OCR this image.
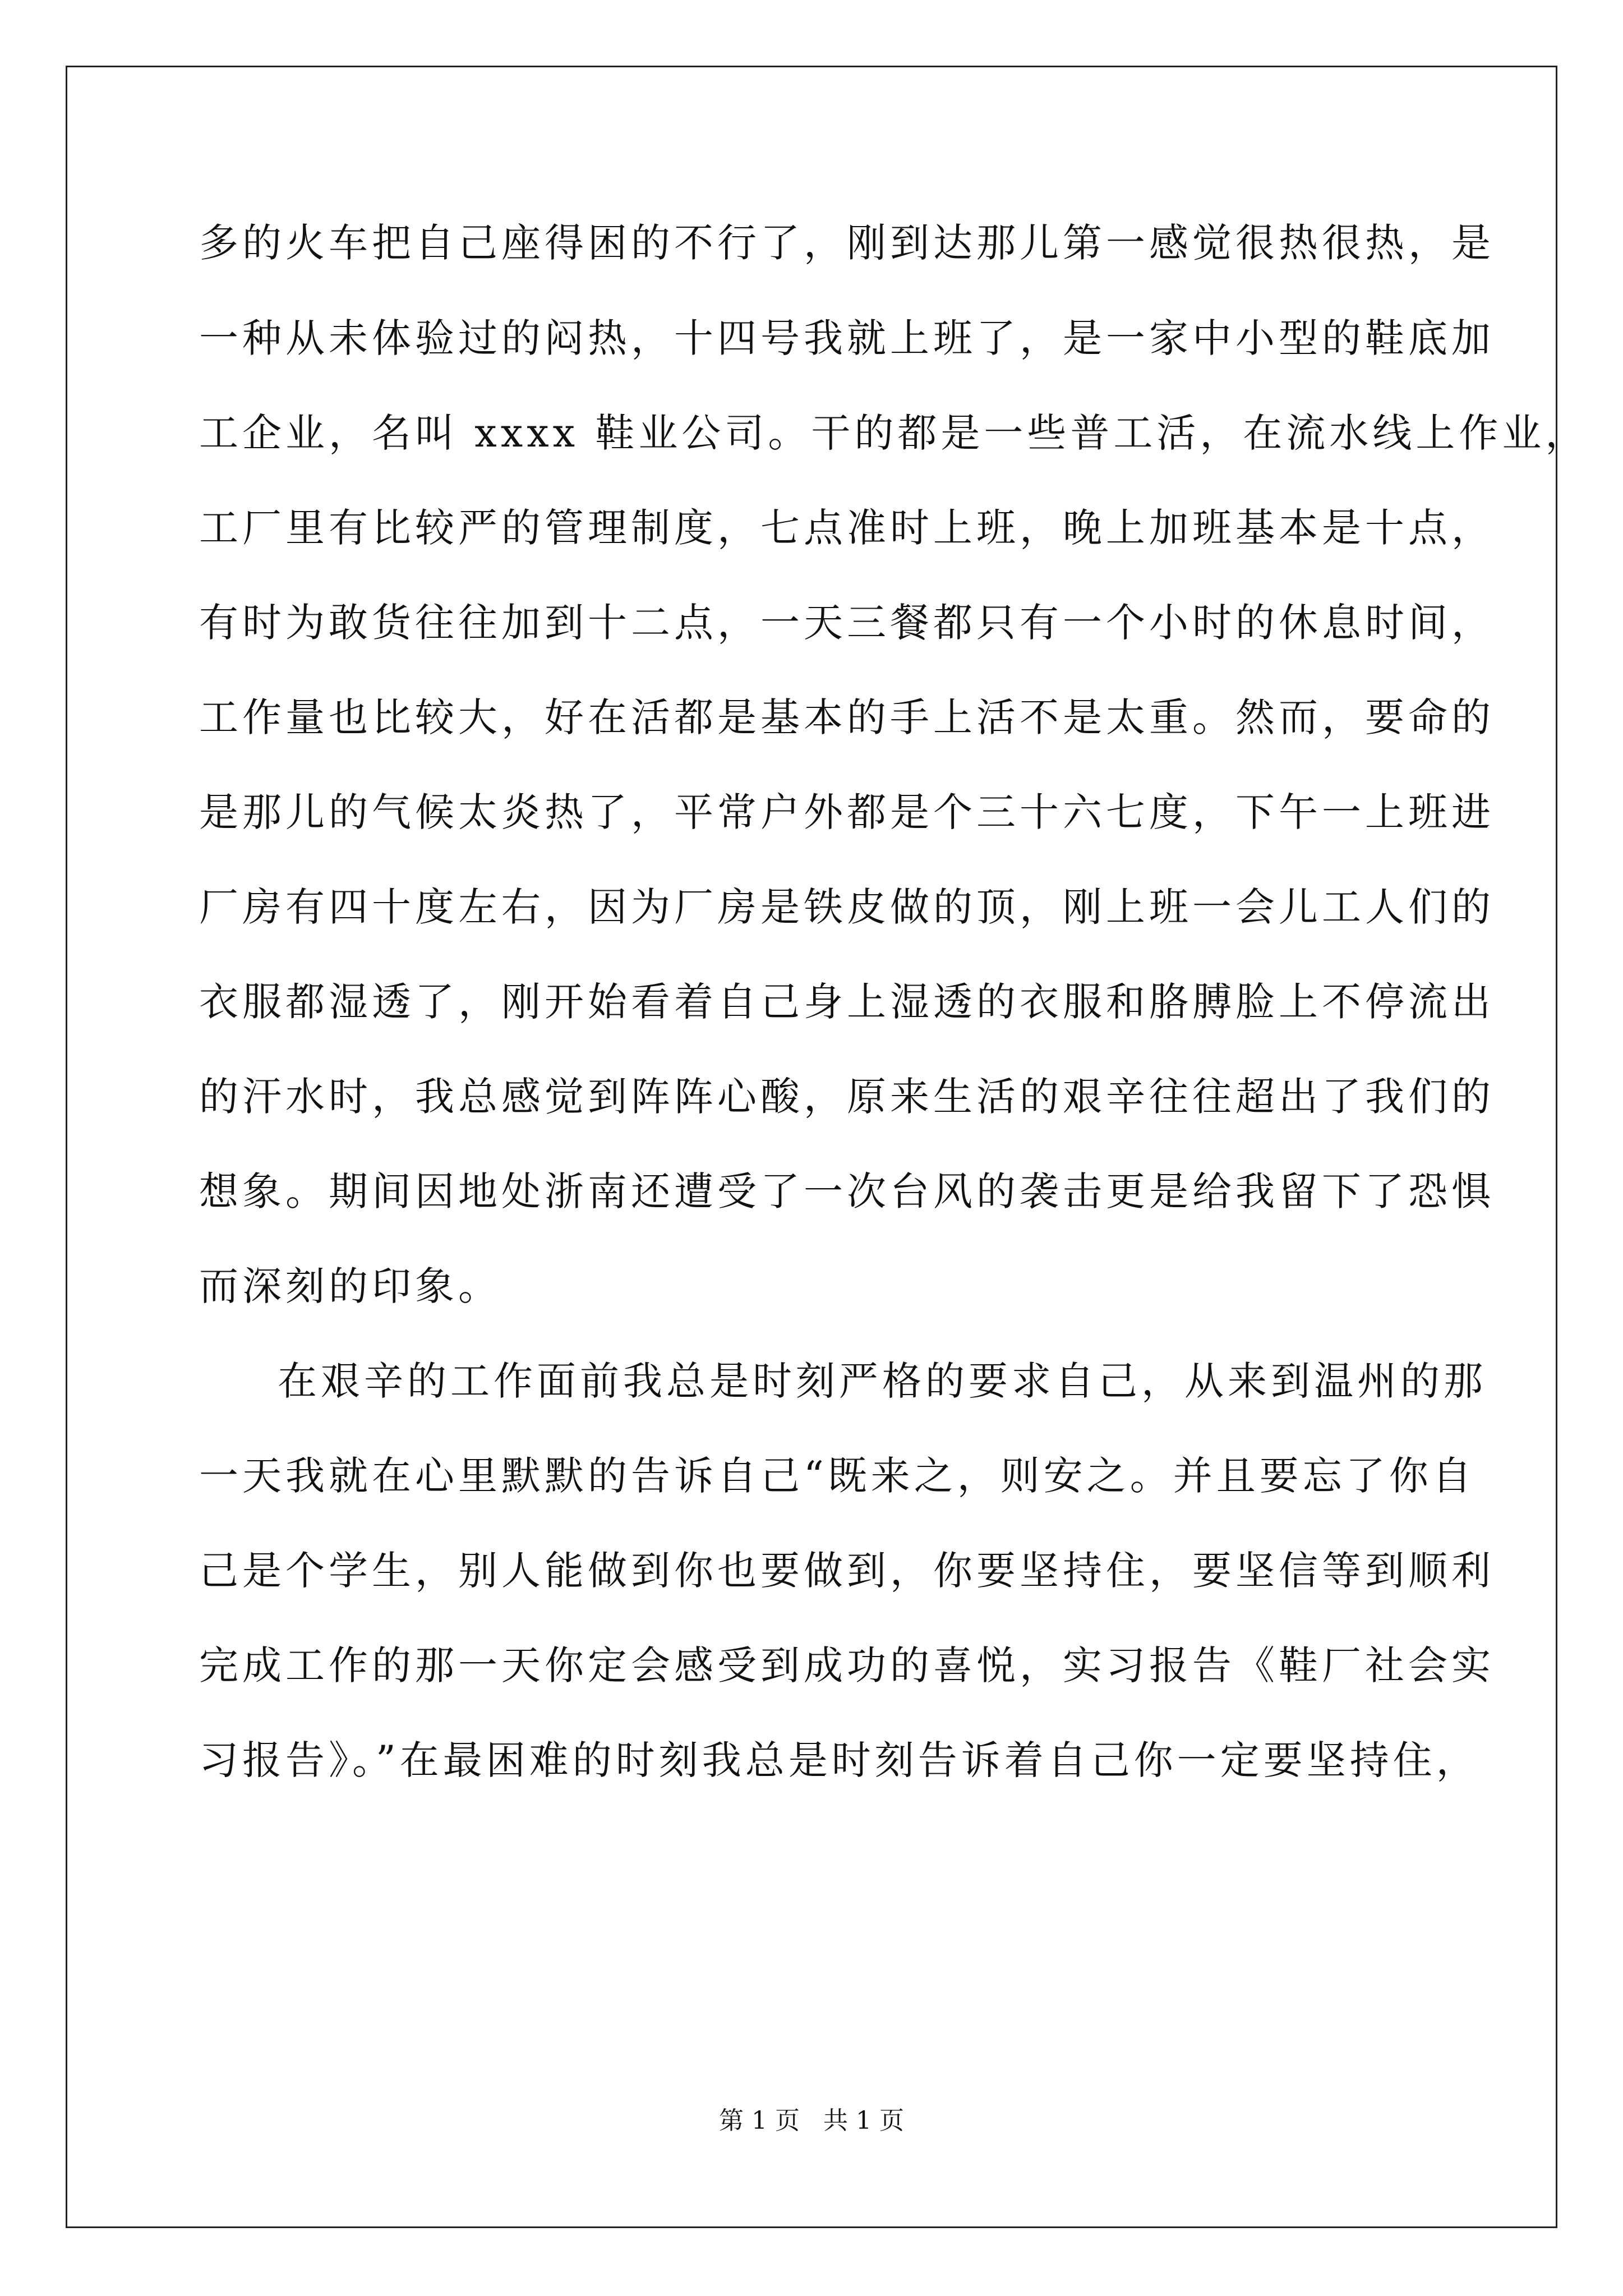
多的火车把自己座得困的不行了，刚到达那儿第一感觉很热很热，是
一种从未体验过的闷热，十四号我就上班了，是一家中小型的鞋底加
工企业，名叫 xxxx 鞋业公司。干的都是一些普工活，在流水线上作业，
工厂里有比较严的管理制度，七点准时上班，晚上加班基本是十点，
有时为敢货往往加到十二点，一天三餐都只有一个小时的休息时间，
工作量也比较大，好在活都是基本的手上活不是太重。然而，要命的
是那儿的气候太炎热了，平常户外都是个三十六七度，下午一上班进
厂房有四十度左右，因为厂房是铁皮做的顶，刚上班一会儿工人们的
衣服都湿透了，刚开始看着自己身上湿透的衣服和胳膊脸上不停流出
的汗水时，我总感觉到阵阵心酸，原来生活的艰辛往往超出了我们的
想象。期间因地处浙南还遭受了一次台风的袭击更是给我留下了恐惧
而深刻的印象。
在艰辛的工作面前我总是时刻严格的要求自己，从来到温州的那
一天我就在心里默默的告诉自己“既来之，则安之。并且要忘了你自
己是个学生，别人能做到你也要做到，你要坚持住，要坚信等到顺利
完成工作的那一天你定会感受到成功的喜悦，实习报告《鞋厂社会实
习报告》。”在最困难的时刻我总是时刻告诉着自己你一定要坚持住，
第 1 页   共 1 页
